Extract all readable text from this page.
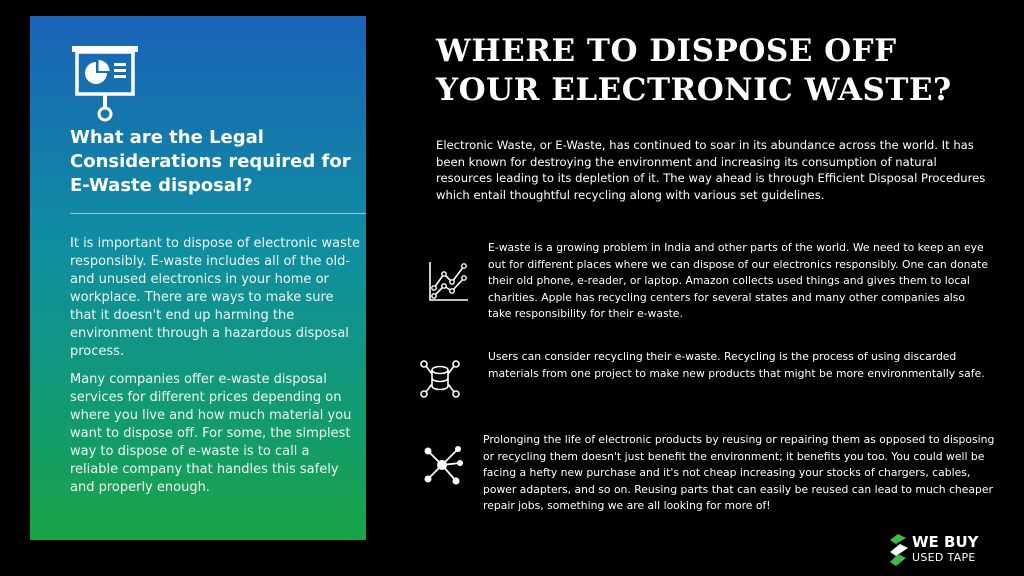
What are the Legal Considerations required for E-Waste disposal?

It is important to dispose of electronic waste responsibly. E-waste includes all of the old- and unused electronics in your home or workplace. There are ways to make sure that it doesn't end up harming the environment through a hazardous disposal process.

Many companies offer e-waste disposal services for different prices depending on where you live and how much material you want to dispose off. For some, the simplest way to dispose of e-waste is to call a reliable company that handles this safely and properly enough.

WHERE TO DISPOSE OFF YOUR ELECTRONIC WASTE?
Electronic Waste, or E-Waste, has continued to soar in its abundance across the world. It has been known for destroying the environment and increasing its consumption of natural resources leading to its depletion of it. The way ahead is through Efficient Disposal Procedures which entail thoughtful recycling along with various set guidelines.
E-waste is a growing problem in India and other parts of the world. We need to keep an eye out for different places where we can dispose of our electronics responsibly. One can donate their old phone, e-reader, or laptop. Amazon collects used things and gives them to local charities. Apple has recycling centers for several states and many other companies also take responsibility for their e-waste.
Users can consider recycling their e-waste. Recycling is the process of using discarded materials from one project to make new products that might be more environmentally safe.
Prolonging the life of electronic products by reusing or repairing them as opposed to disposing or recycling them doesn't just benefit the environment; it benefits you too. You could well be facing a hefty new purchase and it's not cheap increasing your stocks of chargers, cables, power adapters, and so on. Reusing parts that can easily be reused can lead to much cheaper repair jobs, something we are all looking for more of!
WE BUY
USED TAPE
